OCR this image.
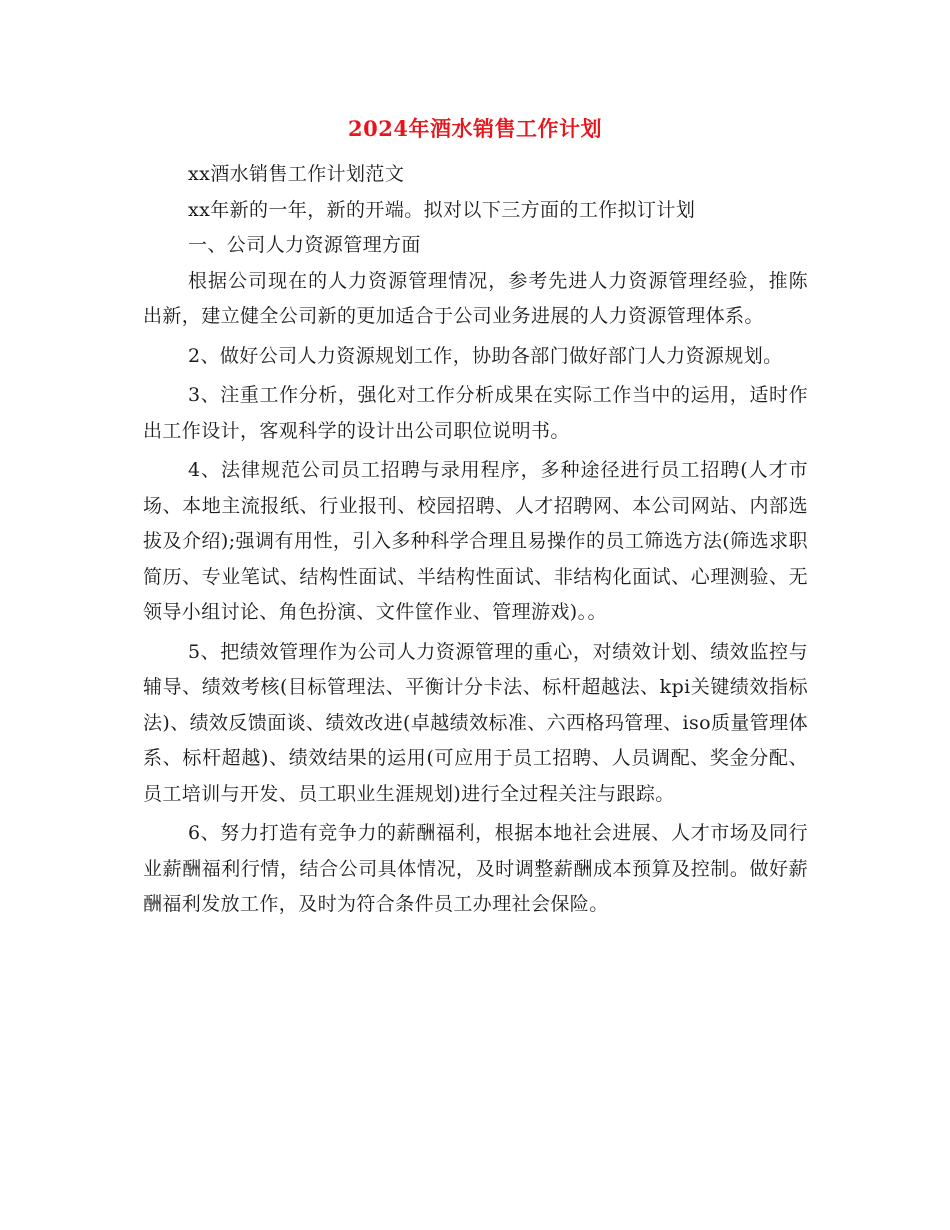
2024年酒水销售工作计划

xx酒水销售工作计划范文

xx年新的一年，新的开端。拟对以下三方面的工作拟订计划

一、公司人力资源管理方面

根据公司现在的人力资源管理情况，参考先进人力资源管理经验，推陈出新，建立健全公司新的更加适合于公司业务进展的人力资源管理体系。

2、做好公司人力资源规划工作，协助各部门做好部门人力资源规划。

3、注重工作分析，强化对工作分析成果在实际工作当中的运用，适时作出工作设计，客观科学的设计出公司职位说明书。

4、法律规范公司员工招聘与录用程序，多种途径进行员工招聘(人才市场、本地主流报纸、行业报刊、校园招聘、人才招聘网、本公司网站、内部选拔及介绍);强调有用性，引入多种科学合理且易操作的员工筛选方法(筛选求职简历、专业笔试、结构性面试、半结构性面试、非结构化面试、心理测验、无领导小组讨论、角色扮演、文件筐作业、管理游戏)。。

5、把绩效管理作为公司人力资源管理的重心，对绩效计划、绩效监控与辅导、绩效考核(目标管理法、平衡计分卡法、标杆超越法、kpi关键绩效指标法)、绩效反馈面谈、绩效改进(卓越绩效标准、六西格玛管理、iso质量管理体系、标杆超越)、绩效结果的运用(可应用于员工招聘、人员调配、奖金分配、员工培训与开发、员工职业生涯规划)进行全过程关注与跟踪。

6、努力打造有竞争力的薪酬福利，根据本地社会进展、人才市场及同行业薪酬福利行情，结合公司具体情况，及时调整薪酬成本预算及控制。做好薪酬福利发放工作，及时为符合条件员工办理社会保险。
